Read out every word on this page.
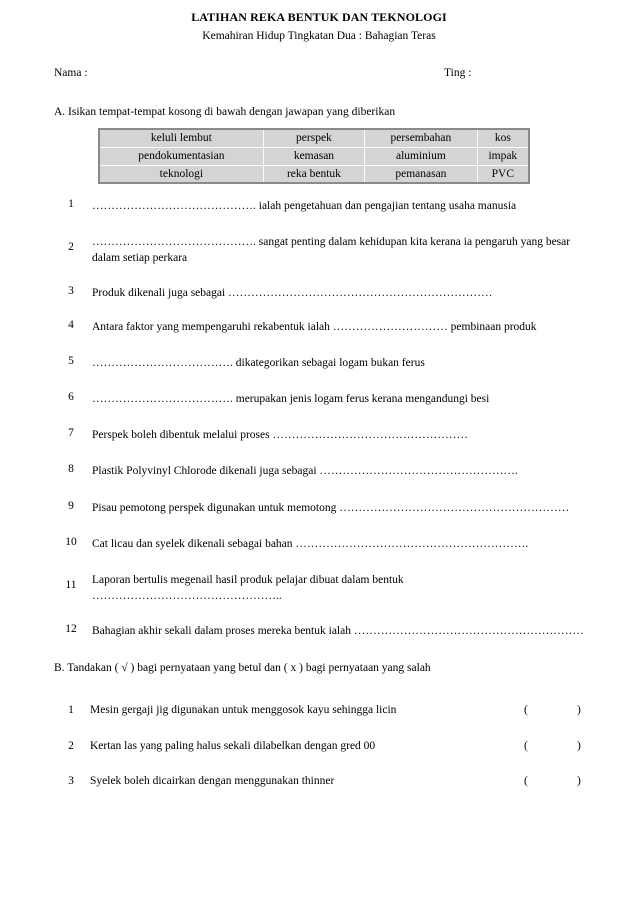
LATIHAN REKA BENTUK DAN TEKNOLOGI
Kemahiran Hidup Tingkatan Dua : Bahagian Teras
Nama :	Ting :
A. Isikan tempat-tempat kosong di bawah dengan jawapan yang diberikan
keluli lembut	perspek	persembahan	kos
pendokumentasian	kemasan	aluminium	impak
teknologi	reka bentuk	pemanasan	PVC
1	……………………………………. ialah pengetahuan dan pengajian tentang usaha manusia
2	……………………………………. sangat penting dalam kehidupan kita kerana ia pengaruh yang besar dalam setiap perkara
3	Produk dikenali juga sebagai ……………………………………………………………
4	Antara faktor yang mempengaruhi rekabentuk ialah ………………………… pembinaan produk
5	………………………………. dikategorikan sebagai logam bukan ferus
6	………………………………. merupakan jenis logam ferus kerana mengandungi besi
7	Perspek boleh dibentuk melalui proses ……………………………………………
8	Plastik Polyvinyl Chlorode dikenali juga sebagai …………………………………………….
9	Pisau pemotong perspek digunakan untuk memotong ……………………………………………………
10	Cat licau dan syelek dikenali sebagai bahan …………………………………………………….
11	Laporan bertulis megenail hasil produk pelajar dibuat dalam bentuk …………………………………………..
12	Bahagian akhir sekali dalam proses mereka bentuk ialah ……………………………………………………
B. Tandakan ( √ ) bagi pernyataan yang betul dan ( x ) bagi pernyataan yang salah
1	Mesin gergaji jig digunakan untuk menggosok kayu sehingga licin	(	)
2	Kertan las yang paling halus sekali dilabelkan dengan gred 00	(	)
3	Syelek boleh dicairkan dengan menggunakan thinner	(	)
